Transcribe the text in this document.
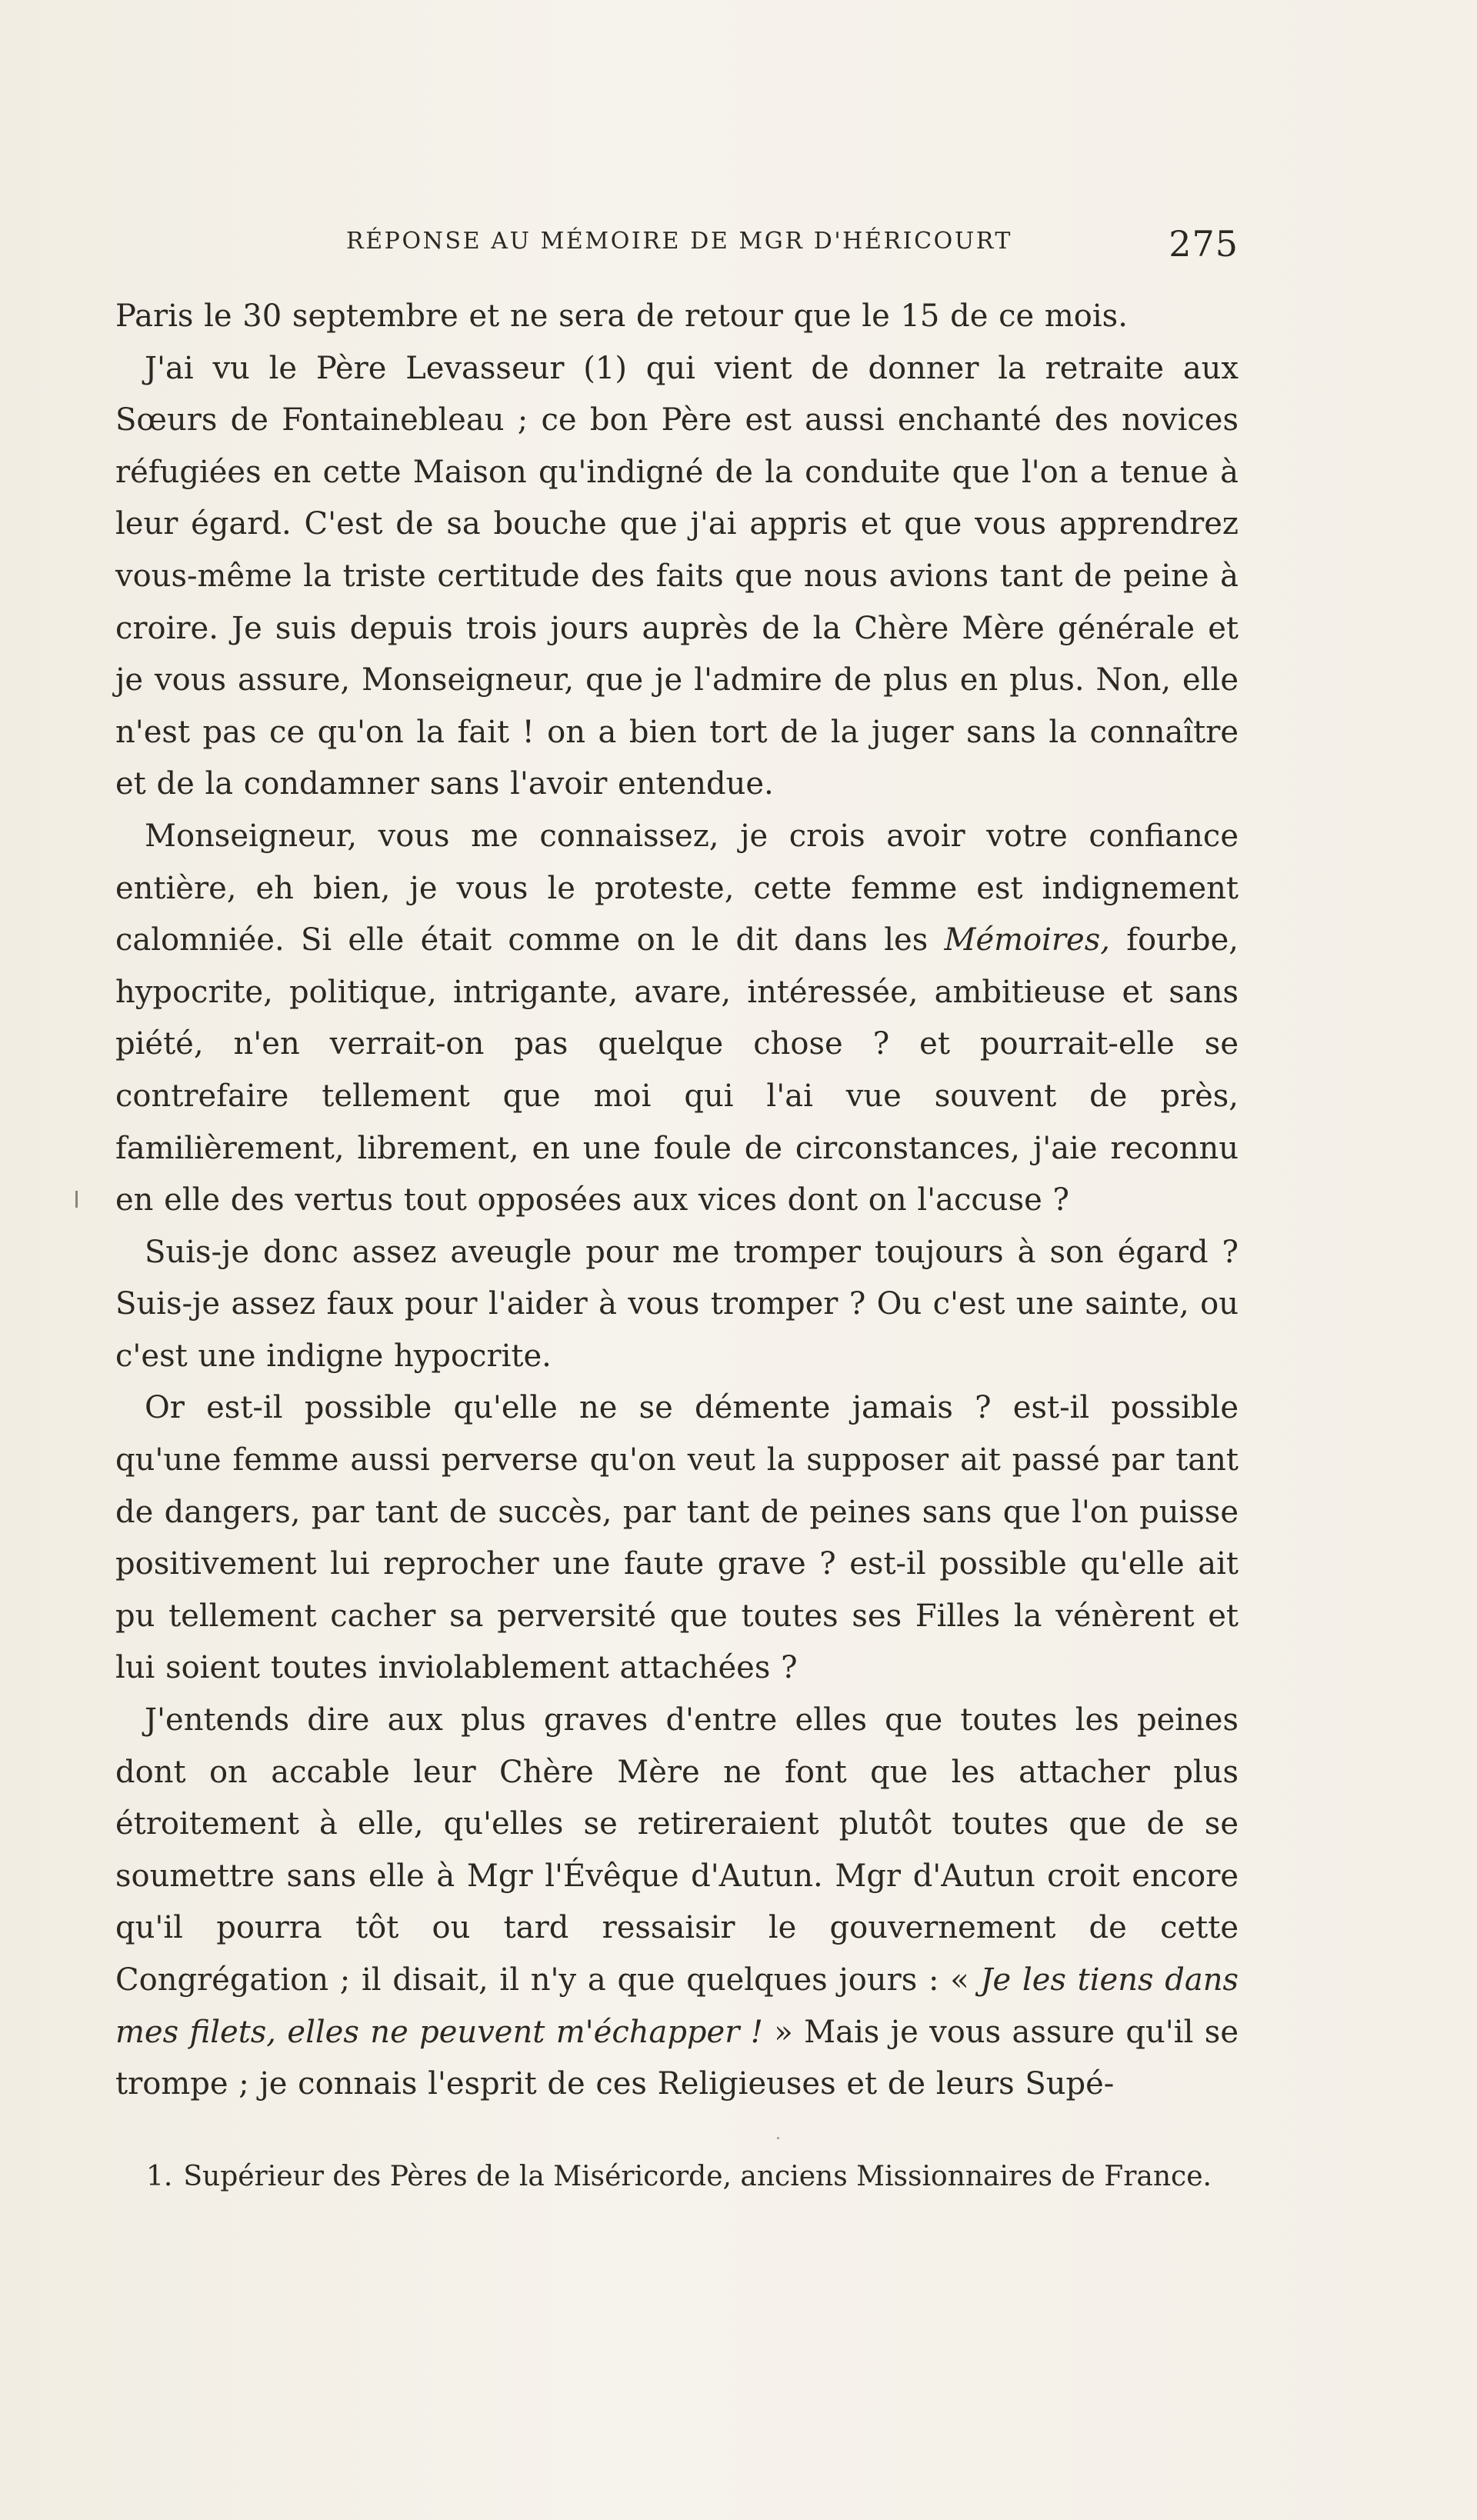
RÉPONSE AU MÉMOIRE DE MGR D'HÉRICOURT	275

Paris le 30 septembre et ne sera de retour que le 15 de ce mois.

J'ai vu le Père Levasseur (1) qui vient de donner la retraite aux Sœurs de Fontainebleau ; ce bon Père est aussi enchanté des novices réfugiées en cette Maison qu'indigné de la conduite que l'on a tenue à leur égard. C'est de sa bouche que j'ai appris et que vous apprendrez vous-même la triste certitude des faits que nous avions tant de peine à croire. Je suis depuis trois jours auprès de la Chère Mère générale et je vous assure, Monseigneur, que je l'admire de plus en plus. Non, elle n'est pas ce qu'on la fait ! on a bien tort de la juger sans la connaître et de la condamner sans l'avoir entendue.

Monseigneur, vous me connaissez, je crois avoir votre confiance entière, eh bien, je vous le proteste, cette femme est indignement calomniée. Si elle était comme on le dit dans les Mémoires, fourbe, hypocrite, politique, intrigante, avare, intéressée, ambitieuse et sans piété, n'en verrait-on pas quelque chose ? et pourrait-elle se contrefaire tellement que moi qui l'ai vue souvent de près, familièrement, librement, en une foule de circonstances, j'aie reconnu en elle des vertus tout opposées aux vices dont on l'accuse ?

Suis-je donc assez aveugle pour me tromper toujours à son égard ? Suis-je assez faux pour l'aider à vous tromper ? Ou c'est une sainte, ou c'est une indigne hypocrite.

Or est-il possible qu'elle ne se démente jamais ? est-il possible qu'une femme aussi perverse qu'on veut la supposer ait passé par tant de dangers, par tant de succès, par tant de peines sans que l'on puisse positivement lui reprocher une faute grave ? est-il possible qu'elle ait pu tellement cacher sa perversité que toutes ses Filles la vénèrent et lui soient toutes inviolablement attachées ?

J'entends dire aux plus graves d'entre elles que toutes les peines dont on accable leur Chère Mère ne font que les attacher plus étroitement à elle, qu'elles se retireraient plutôt toutes que de se soumettre sans elle à Mgr l'Évêque d'Autun. Mgr d'Autun croit encore qu'il pourra tôt ou tard ressaisir le gouvernement de cette Congrégation ; il disait, il n'y a que quelques jours : « Je les tiens dans mes filets, elles ne peuvent m'échapper ! » Mais je vous assure qu'il se trompe ; je connais l'esprit de ces Religieuses et de leurs Supé-

1. Supérieur des Pères de la Miséricorde, anciens Missionnaires de France.
